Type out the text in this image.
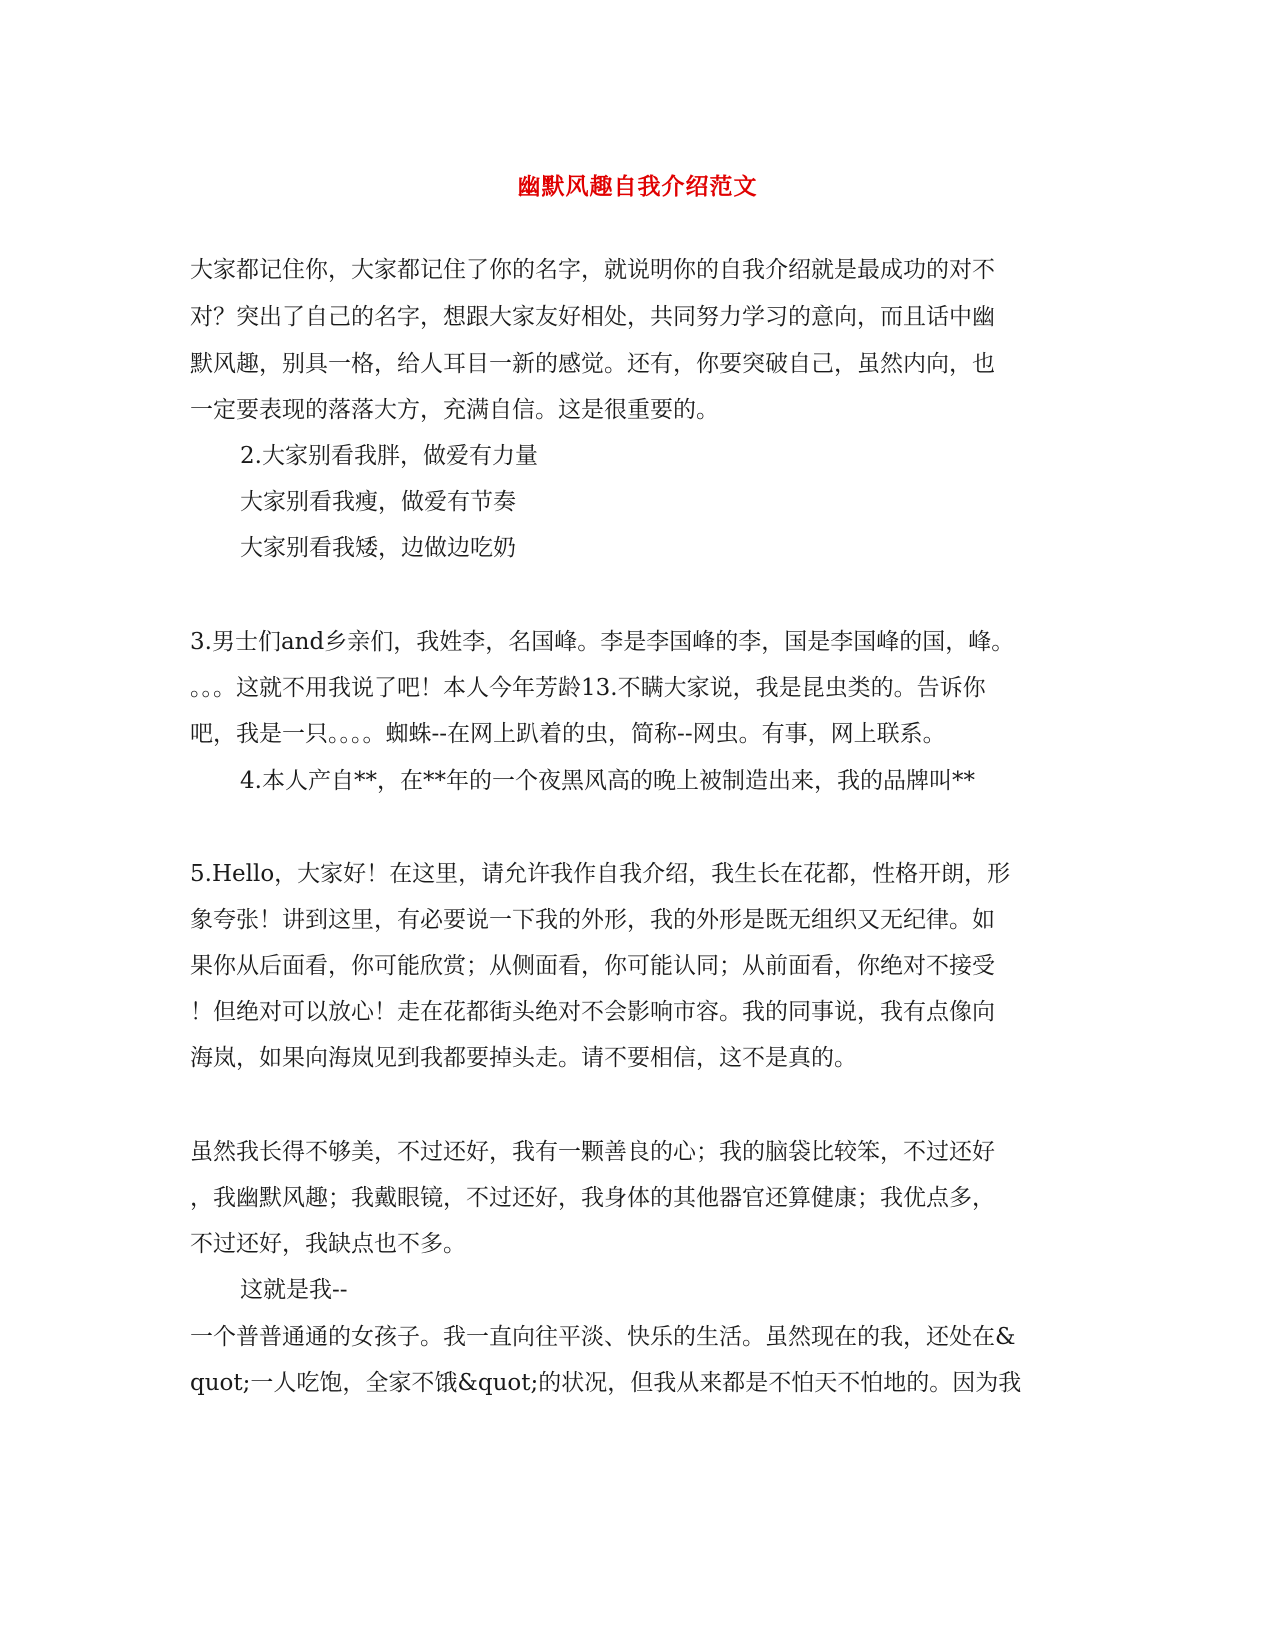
幽默风趣自我介绍范文
大家都记住你，大家都记住了你的名字，就说明你的自我介绍就是最成功的对不
对？突出了自己的名字，想跟大家友好相处，共同努力学习的意向，而且话中幽
默风趣，别具一格，给人耳目一新的感觉。还有，你要突破自己，虽然内向，也
一定要表现的落落大方，充满自信。这是很重要的。
2.大家别看我胖，做爱有力量
大家别看我瘦，做爱有节奏
大家别看我矮，边做边吃奶
3.男士们and乡亲们，我姓李，名国峰。李是李国峰的李，国是李国峰的国，峰。
。。。这就不用我说了吧！本人今年芳龄13.不瞒大家说，我是昆虫类的。告诉你
吧，我是一只。。。。蜘蛛--在网上趴着的虫，简称--网虫。有事，网上联系。
4.本人产自**，在**年的一个夜黑风高的晚上被制造出来，我的品牌叫**
5.Hello，大家好！在这里，请允许我作自我介绍，我生长在花都，性格开朗，形
象夸张！讲到这里，有必要说一下我的外形，我的外形是既无组织又无纪律。如
果你从后面看，你可能欣赏；从侧面看，你可能认同；从前面看，你绝对不接受
！但绝对可以放心！走在花都街头绝对不会影响市容。我的同事说，我有点像向
海岚，如果向海岚见到我都要掉头走。请不要相信，这不是真的。
虽然我长得不够美，不过还好，我有一颗善良的心；我的脑袋比较笨，不过还好
，我幽默风趣；我戴眼镜，不过还好，我身体的其他器官还算健康；我优点多，
不过还好，我缺点也不多。
这就是我--
一个普普通通的女孩子。我一直向往平淡、快乐的生活。虽然现在的我，还处在&
quot;一人吃饱，全家不饿&quot;的状况，但我从来都是不怕天不怕地的。因为我
